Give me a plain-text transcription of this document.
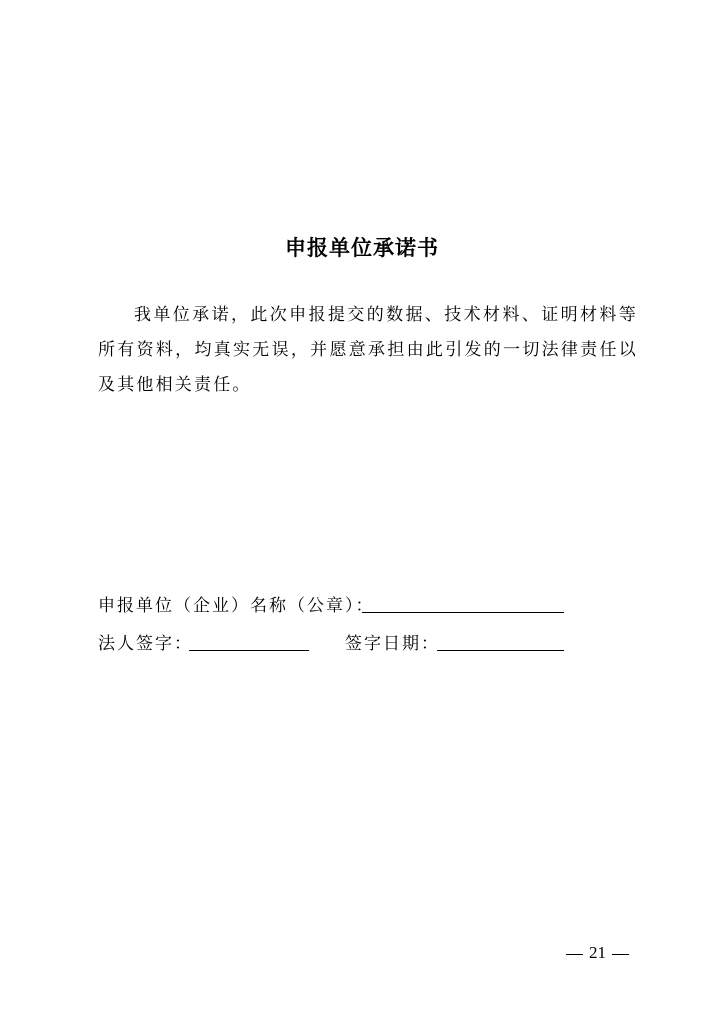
申报单位承诺书
我单位承诺，此次申报提交的数据、技术材料、证明材料等所有资料，均真实无误，并愿意承担由此引发的一切法律责任以及其他相关责任。
申报单位（企业）名称（公章）：
法人签字：	签字日期：
21
